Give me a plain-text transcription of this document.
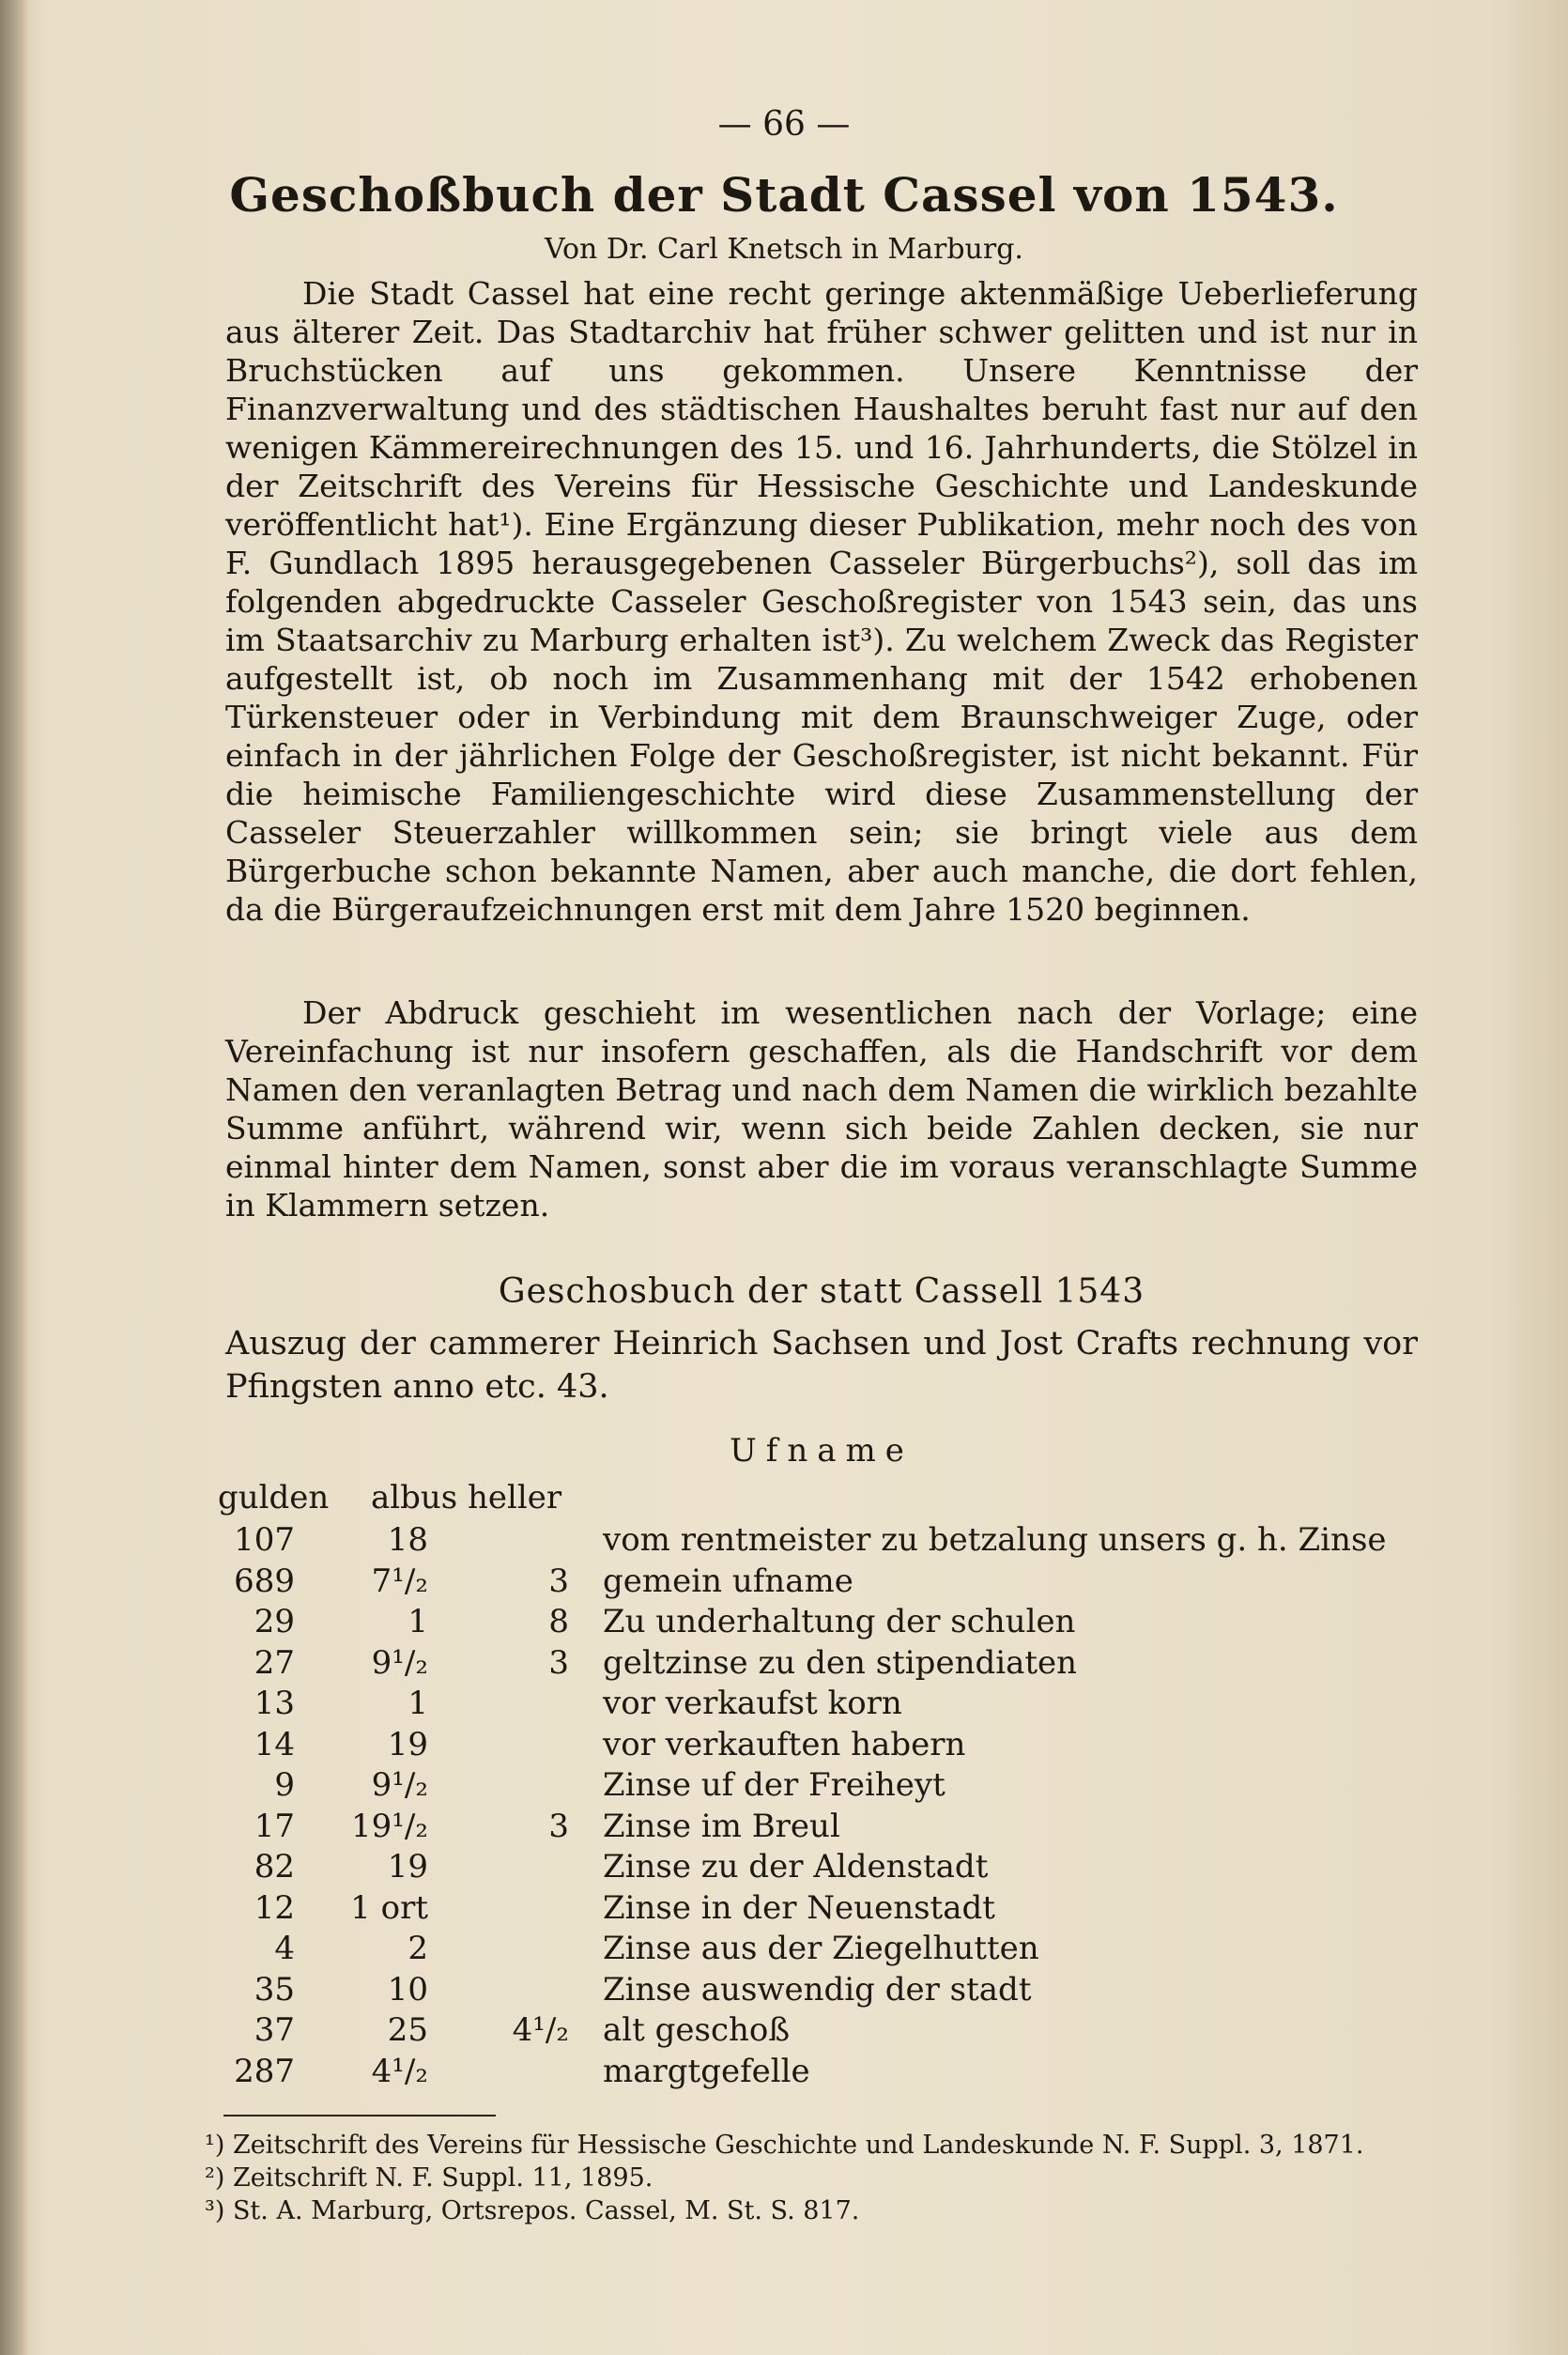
— 66 —
Geschoßbuch der Stadt Cassel von 1543.
Von Dr. Carl Knetsch in Marburg.

Die Stadt Cassel hat eine recht geringe aktenmäßige Ueberlieferung aus älterer Zeit. Das Stadtarchiv hat früher schwer gelitten und ist nur in Bruchstücken auf uns gekommen. Unsere Kenntnisse der Finanzverwaltung und des städtischen Haushaltes beruht fast nur auf den wenigen Kämmereirechnungen des 15. und 16. Jahrhunderts, die Stölzel in der Zeitschrift des Vereins für Hessische Geschichte und Landeskunde veröffentlicht hat¹). Eine Ergänzung dieser Publikation, mehr noch des von F. Gundlach 1895 herausgegebenen Casseler Bürgerbuchs²), soll das im folgenden abgedruckte Casseler Geschoßregister von 1543 sein, das uns im Staatsarchiv zu Marburg erhalten ist³). Zu welchem Zweck das Register aufgestellt ist, ob noch im Zusammenhang mit der 1542 erhobenen Türkensteuer oder in Verbindung mit dem Braunschweiger Zuge, oder einfach in der jährlichen Folge der Geschoßregister, ist nicht bekannt. Für die heimische Familiengeschichte wird diese Zusammenstellung der Casseler Steuerzahler willkommen sein; sie bringt viele aus dem Bürgerbuche schon bekannte Namen, aber auch manche, die dort fehlen, da die Bürgeraufzeichnungen erst mit dem Jahre 1520 beginnen.

Der Abdruck geschieht im wesentlichen nach der Vorlage; eine Vereinfachung ist nur insofern geschaffen, als die Handschrift vor dem Namen den veranlagten Betrag und nach dem Namen die wirklich bezahlte Summe anführt, während wir, wenn sich beide Zahlen decken, sie nur einmal hinter dem Namen, sonst aber die im voraus veranschlagte Summe in Klammern setzen.

Geschosbuch der statt Cassell 1543

Auszug der cammerer Heinrich Sachsen und Jost Crafts rechnung vor Pfingsten anno etc. 43.

Ufname
gulden albus heller
107	18	vom rentmeister zu betzalung unsers g. h. Zinse
689	7¹/₂	3 gemein ufname
29	1	8 Zu underhaltung der schulen
27	9¹/₂	3 geltzinse zu den stipendiaten
13	1	vor verkaufst korn
14	19	vor verkauften habern
9	9¹/₂	Zinse uf der Freiheyt
17	19¹/₂	3 Zinse im Breul
82	19	Zinse zu der Aldenstadt
12	1 ort	Zinse in der Neuenstadt
4	2	Zinse aus der Ziegelhutten
35	10	Zinse auswendig der stadt
37	25	4¹/₂ alt geschoß
287	4¹/₂	margtgefelle
¹) Zeitschrift des Vereins für Hessische Geschichte und Landeskunde N. F. Suppl. 3, 1871.
²) Zeitschrift N. F. Suppl. 11, 1895.
³) St. A. Marburg, Ortsrepos. Cassel, M. St. S. 817.
